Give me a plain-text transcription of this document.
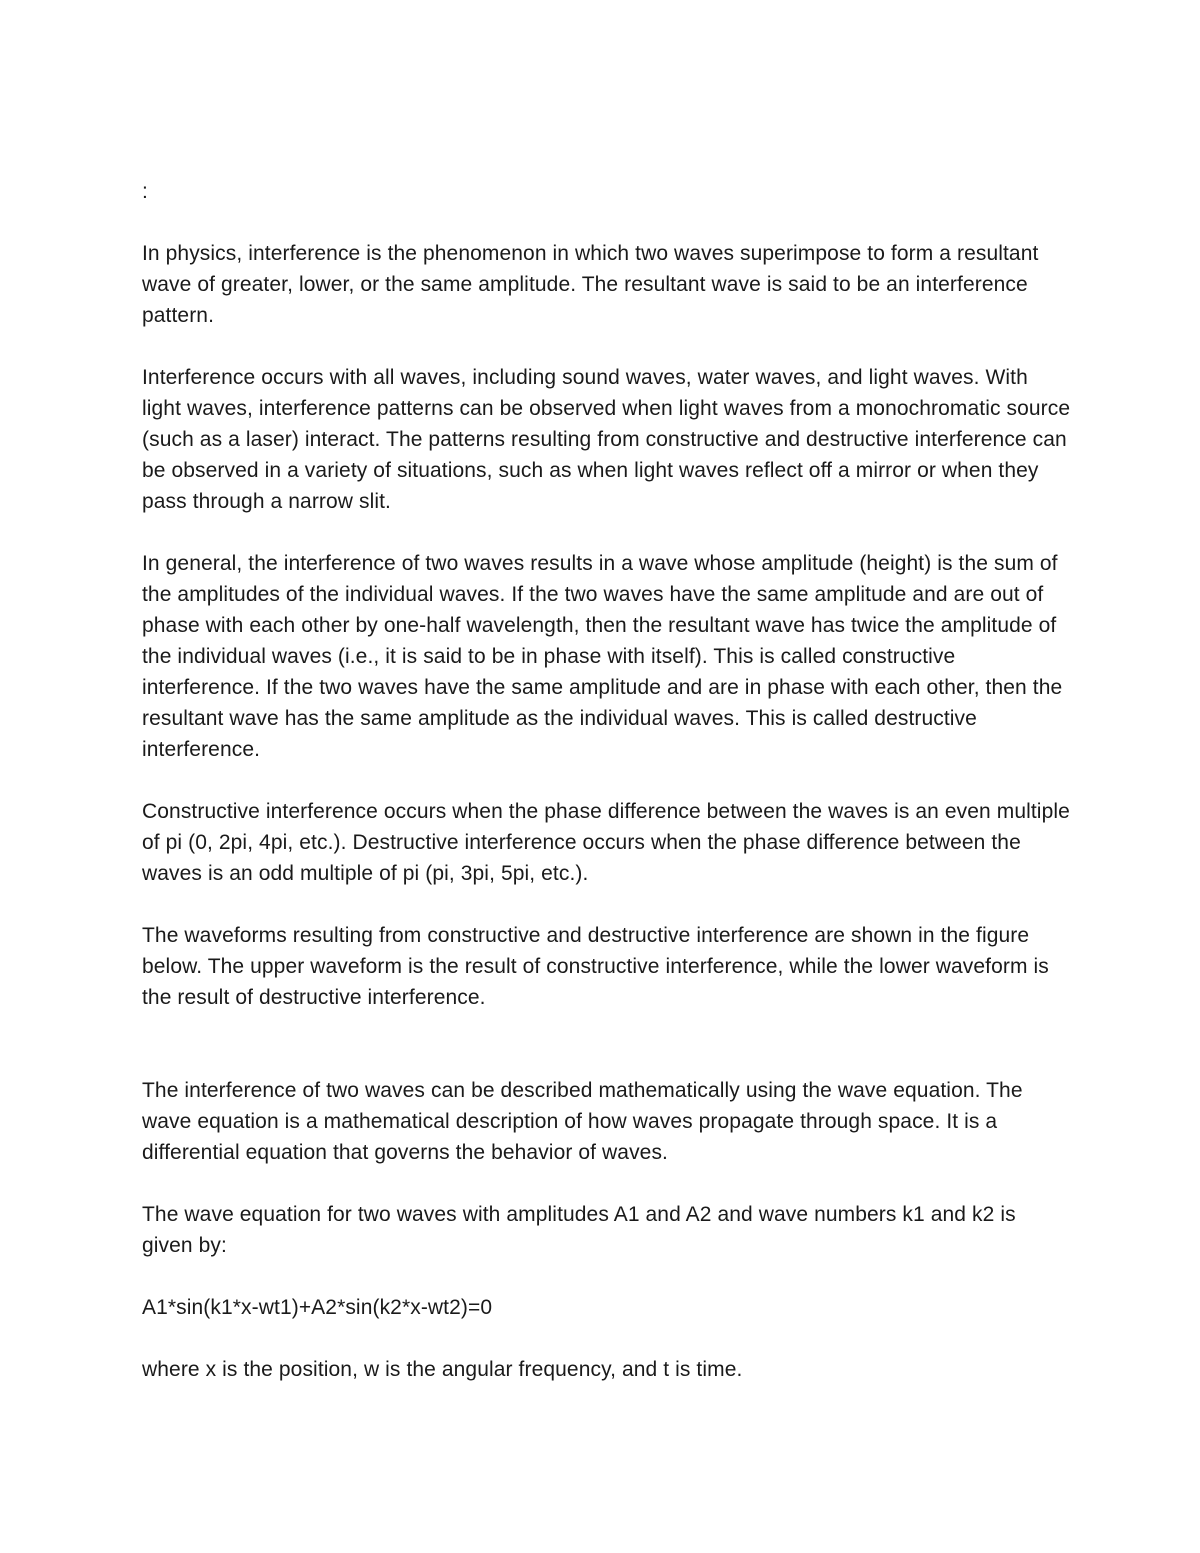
:

In physics, interference is the phenomenon in which two waves superimpose to form a resultant wave of greater, lower, or the same amplitude. The resultant wave is said to be an interference pattern.

Interference occurs with all waves, including sound waves, water waves, and light waves. With light waves, interference patterns can be observed when light waves from a monochromatic source (such as a laser) interact. The patterns resulting from constructive and destructive interference can be observed in a variety of situations, such as when light waves reflect off a mirror or when they pass through a narrow slit.

In general, the interference of two waves results in a wave whose amplitude (height) is the sum of the amplitudes of the individual waves. If the two waves have the same amplitude and are out of phase with each other by one-half wavelength, then the resultant wave has twice the amplitude of the individual waves (i.e., it is said to be in phase with itself). This is called constructive interference. If the two waves have the same amplitude and are in phase with each other, then the resultant wave has the same amplitude as the individual waves. This is called destructive interference.

Constructive interference occurs when the phase difference between the waves is an even multiple of pi (0, 2pi, 4pi, etc.). Destructive interference occurs when the phase difference between the waves is an odd multiple of pi (pi, 3pi, 5pi, etc.).

The waveforms resulting from constructive and destructive interference are shown in the figure below. The upper waveform is the result of constructive interference, while the lower waveform is the result of destructive interference.

The interference of two waves can be described mathematically using the wave equation. The wave equation is a mathematical description of how waves propagate through space. It is a differential equation that governs the behavior of waves.

The wave equation for two waves with amplitudes A1 and A2 and wave numbers k1 and k2 is given by:

A1*sin(k1*x-wt1)+A2*sin(k2*x-wt2)=0

where x is the position, w is the angular frequency, and t is time.
